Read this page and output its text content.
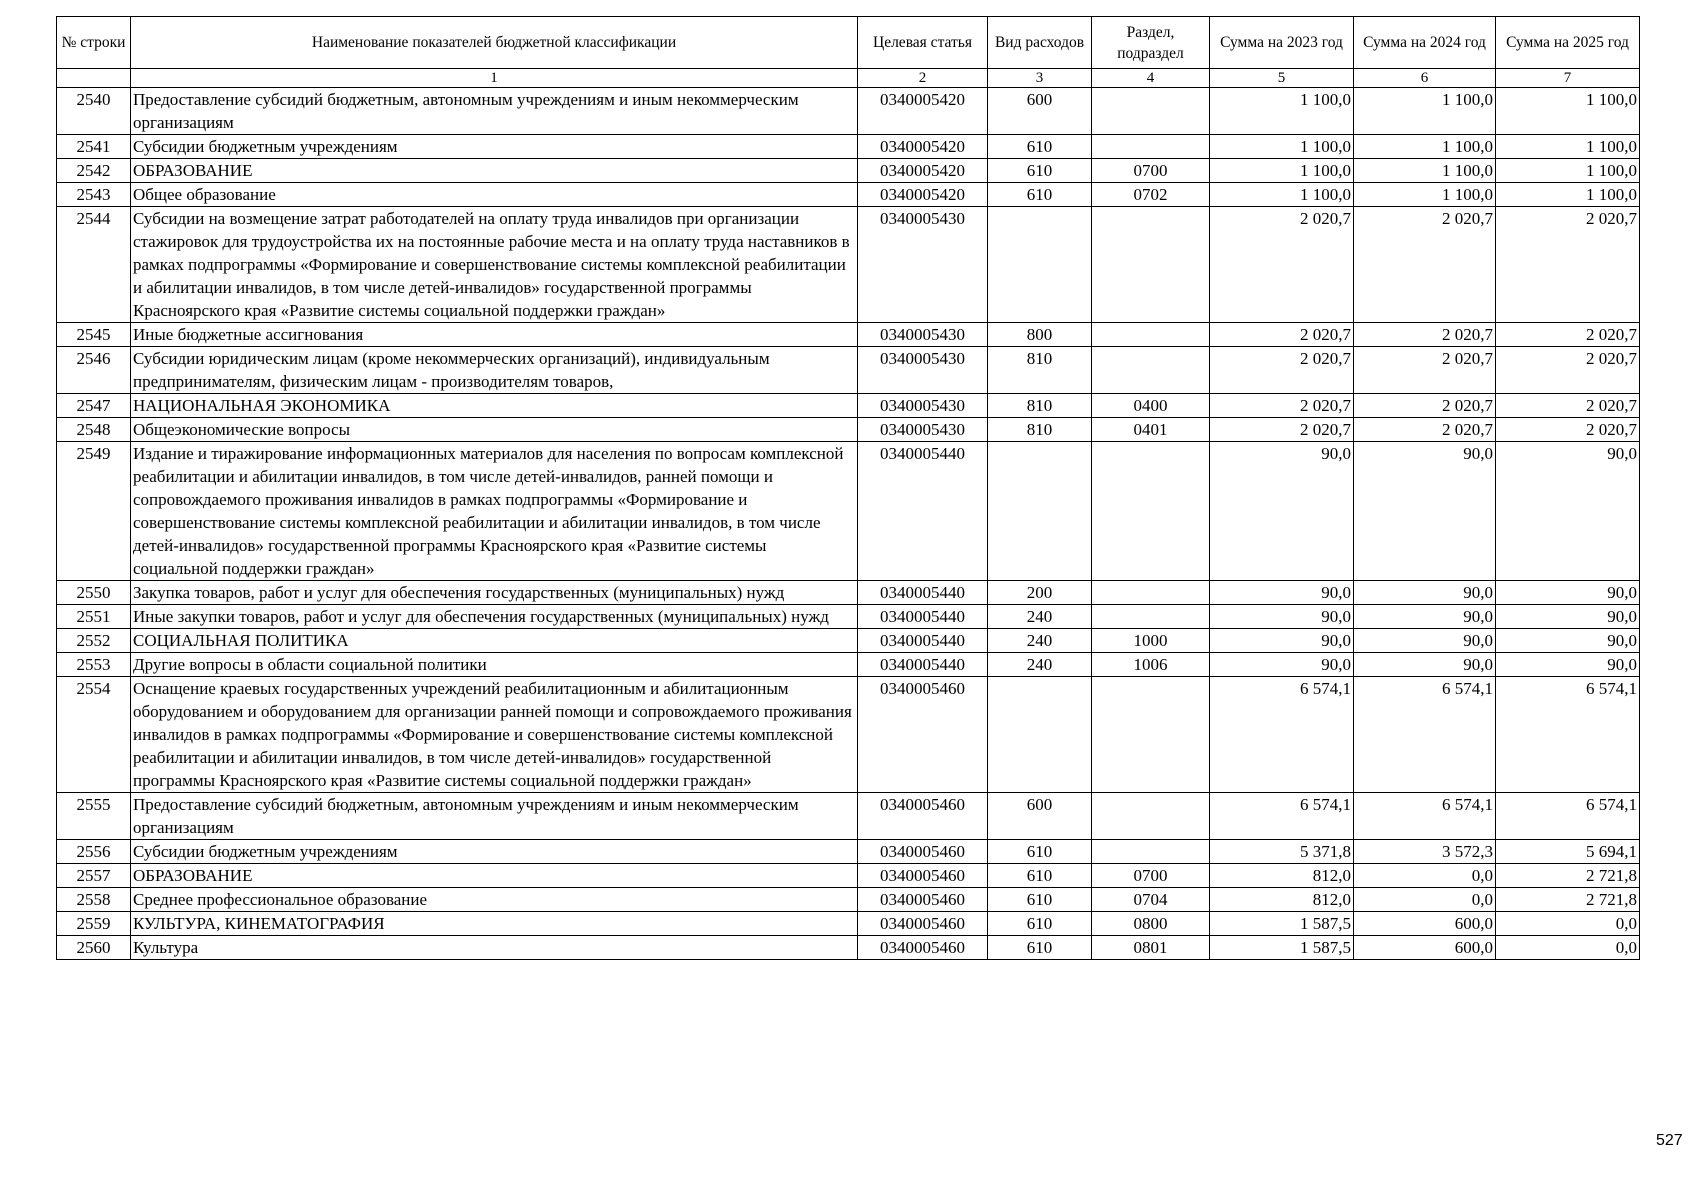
№ строки	Наименование показателей бюджетной классификации	Целевая статья	Вид расходов	Раздел, подраздел	Сумма на 2023 год	Сумма на 2024 год	Сумма на 2025 год
	1	2	3	4	5	6	7
2540	Предоставление субсидий бюджетным, автономным учреждениям и иным некоммерческим организациям	0340005420	600		1 100,0	1 100,0	1 100,0
2541	Субсидии бюджетным учреждениям	0340005420	610		1 100,0	1 100,0	1 100,0
2542	ОБРАЗОВАНИЕ	0340005420	610	0700	1 100,0	1 100,0	1 100,0
2543	Общее образование	0340005420	610	0702	1 100,0	1 100,0	1 100,0
2544	Субсидии на возмещение затрат работодателей на оплату труда инвалидов при организации стажировок для трудоустройства их на постоянные рабочие места и на оплату труда наставников в рамках подпрограммы «Формирование и совершенствование системы комплексной реабилитации и абилитации инвалидов, в том числе детей-инвалидов» государственной программы Красноярского края «Развитие системы социальной поддержки граждан»	0340005430			2 020,7	2 020,7	2 020,7
2545	Иные бюджетные ассигнования	0340005430	800		2 020,7	2 020,7	2 020,7
2546	Субсидии юридическим лицам (кроме некоммерческих организаций), индивидуальным предпринимателям, физическим лицам - производителям товаров,	0340005430	810		2 020,7	2 020,7	2 020,7
2547	НАЦИОНАЛЬНАЯ ЭКОНОМИКА	0340005430	810	0400	2 020,7	2 020,7	2 020,7
2548	Общеэкономические вопросы	0340005430	810	0401	2 020,7	2 020,7	2 020,7
2549	Издание и тиражирование информационных материалов для населения по вопросам комплексной реабилитации и абилитации инвалидов, в том числе детей-инвалидов, ранней помощи и сопровождаемого проживания инвалидов в рамках подпрограммы «Формирование и совершенствование системы комплексной реабилитации и абилитации инвалидов, в том числе детей-инвалидов» государственной программы Красноярского края «Развитие системы социальной поддержки граждан»	0340005440			90,0	90,0	90,0
2550	Закупка товаров, работ и услуг для обеспечения государственных (муниципальных) нужд	0340005440	200		90,0	90,0	90,0
2551	Иные закупки товаров, работ и услуг для обеспечения государственных (муниципальных) нужд	0340005440	240		90,0	90,0	90,0
2552	СОЦИАЛЬНАЯ ПОЛИТИКА	0340005440	240	1000	90,0	90,0	90,0
2553	Другие вопросы в области социальной политики	0340005440	240	1006	90,0	90,0	90,0
2554	Оснащение краевых государственных учреждений реабилитационным и абилитационным оборудованием и оборудованием для организации ранней помощи и сопровождаемого проживания инвалидов в рамках подпрограммы «Формирование и совершенствование системы комплексной реабилитации и абилитации инвалидов, в том числе детей-инвалидов» государственной программы Красноярского края «Развитие системы социальной поддержки граждан»	0340005460			6 574,1	6 574,1	6 574,1
2555	Предоставление субсидий бюджетным, автономным учреждениям и иным некоммерческим организациям	0340005460	600		6 574,1	6 574,1	6 574,1
2556	Субсидии бюджетным учреждениям	0340005460	610		5 371,8	3 572,3	5 694,1
2557	ОБРАЗОВАНИЕ	0340005460	610	0700	812,0	0,0	2 721,8
2558	Среднее профессиональное образование	0340005460	610	0704	812,0	0,0	2 721,8
2559	КУЛЬТУРА, КИНЕМАТОГРАФИЯ	0340005460	610	0800	1 587,5	600,0	0,0
2560	Культура	0340005460	610	0801	1 587,5	600,0	0,0
527
